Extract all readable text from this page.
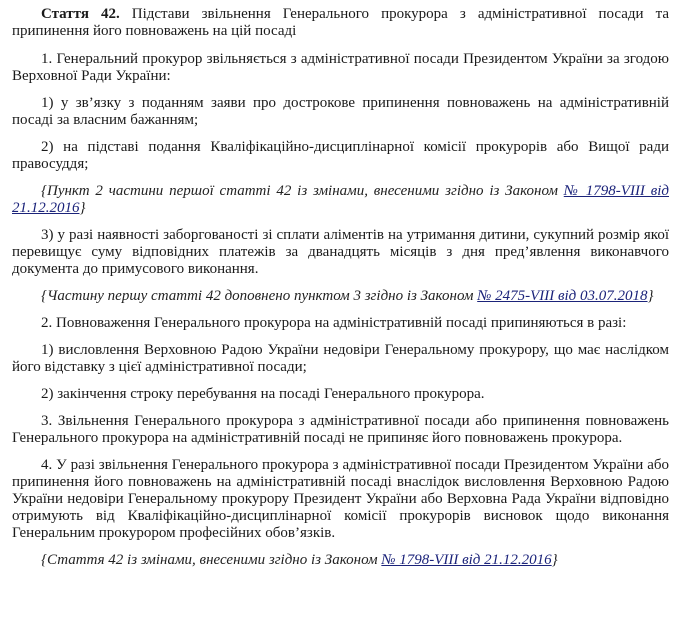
Стаття 42. Підстави звільнення Генерального прокурора з адміністративної посади та припинення його повноважень на цій посаді

1. Генеральний прокурор звільняється з адміністративної посади Президентом України за згодою Верховної Ради України:

1) у зв’язку з поданням заяви про дострокове припинення повноважень на адміністративній посаді за власним бажанням;

2) на підставі подання Кваліфікаційно-дисциплінарної комісії прокурорів або Вищої ради правосуддя;

{Пункт 2 частини першої статті 42 із змінами, внесеними згідно із Законом № 1798-VIII від 21.12.2016}

3) у разі наявності заборгованості зі сплати аліментів на утримання дитини, сукупний розмір якої перевищує суму відповідних платежів за дванадцять місяців з дня пред’явлення виконавчого документа до примусового виконання.

{Частину першу статті 42 доповнено пунктом 3 згідно із Законом № 2475-VIII від 03.07.2018}

2. Повноваження Генерального прокурора на адміністративній посаді припиняються в разі:

1) висловлення Верховною Радою України недовіри Генеральному прокурору, що має наслідком його відставку з цієї адміністративної посади;

2) закінчення строку перебування на посаді Генерального прокурора.

3. Звільнення Генерального прокурора з адміністративної посади або припинення повноважень Генерального прокурора на адміністративній посаді не припиняє його повноважень прокурора.

4. У разі звільнення Генерального прокурора з адміністративної посади Президентом України або припинення його повноважень на адміністративній посаді внаслідок висловлення Верховною Радою України недовіри Генеральному прокурору Президент України або Верховна Рада України відповідно отримують від Кваліфікаційно-дисциплінарної комісії прокурорів висновок щодо виконання Генеральним прокурором професійних обов’язків.

{Стаття 42 із змінами, внесеними згідно із Законом № 1798-VIII від 21.12.2016}
